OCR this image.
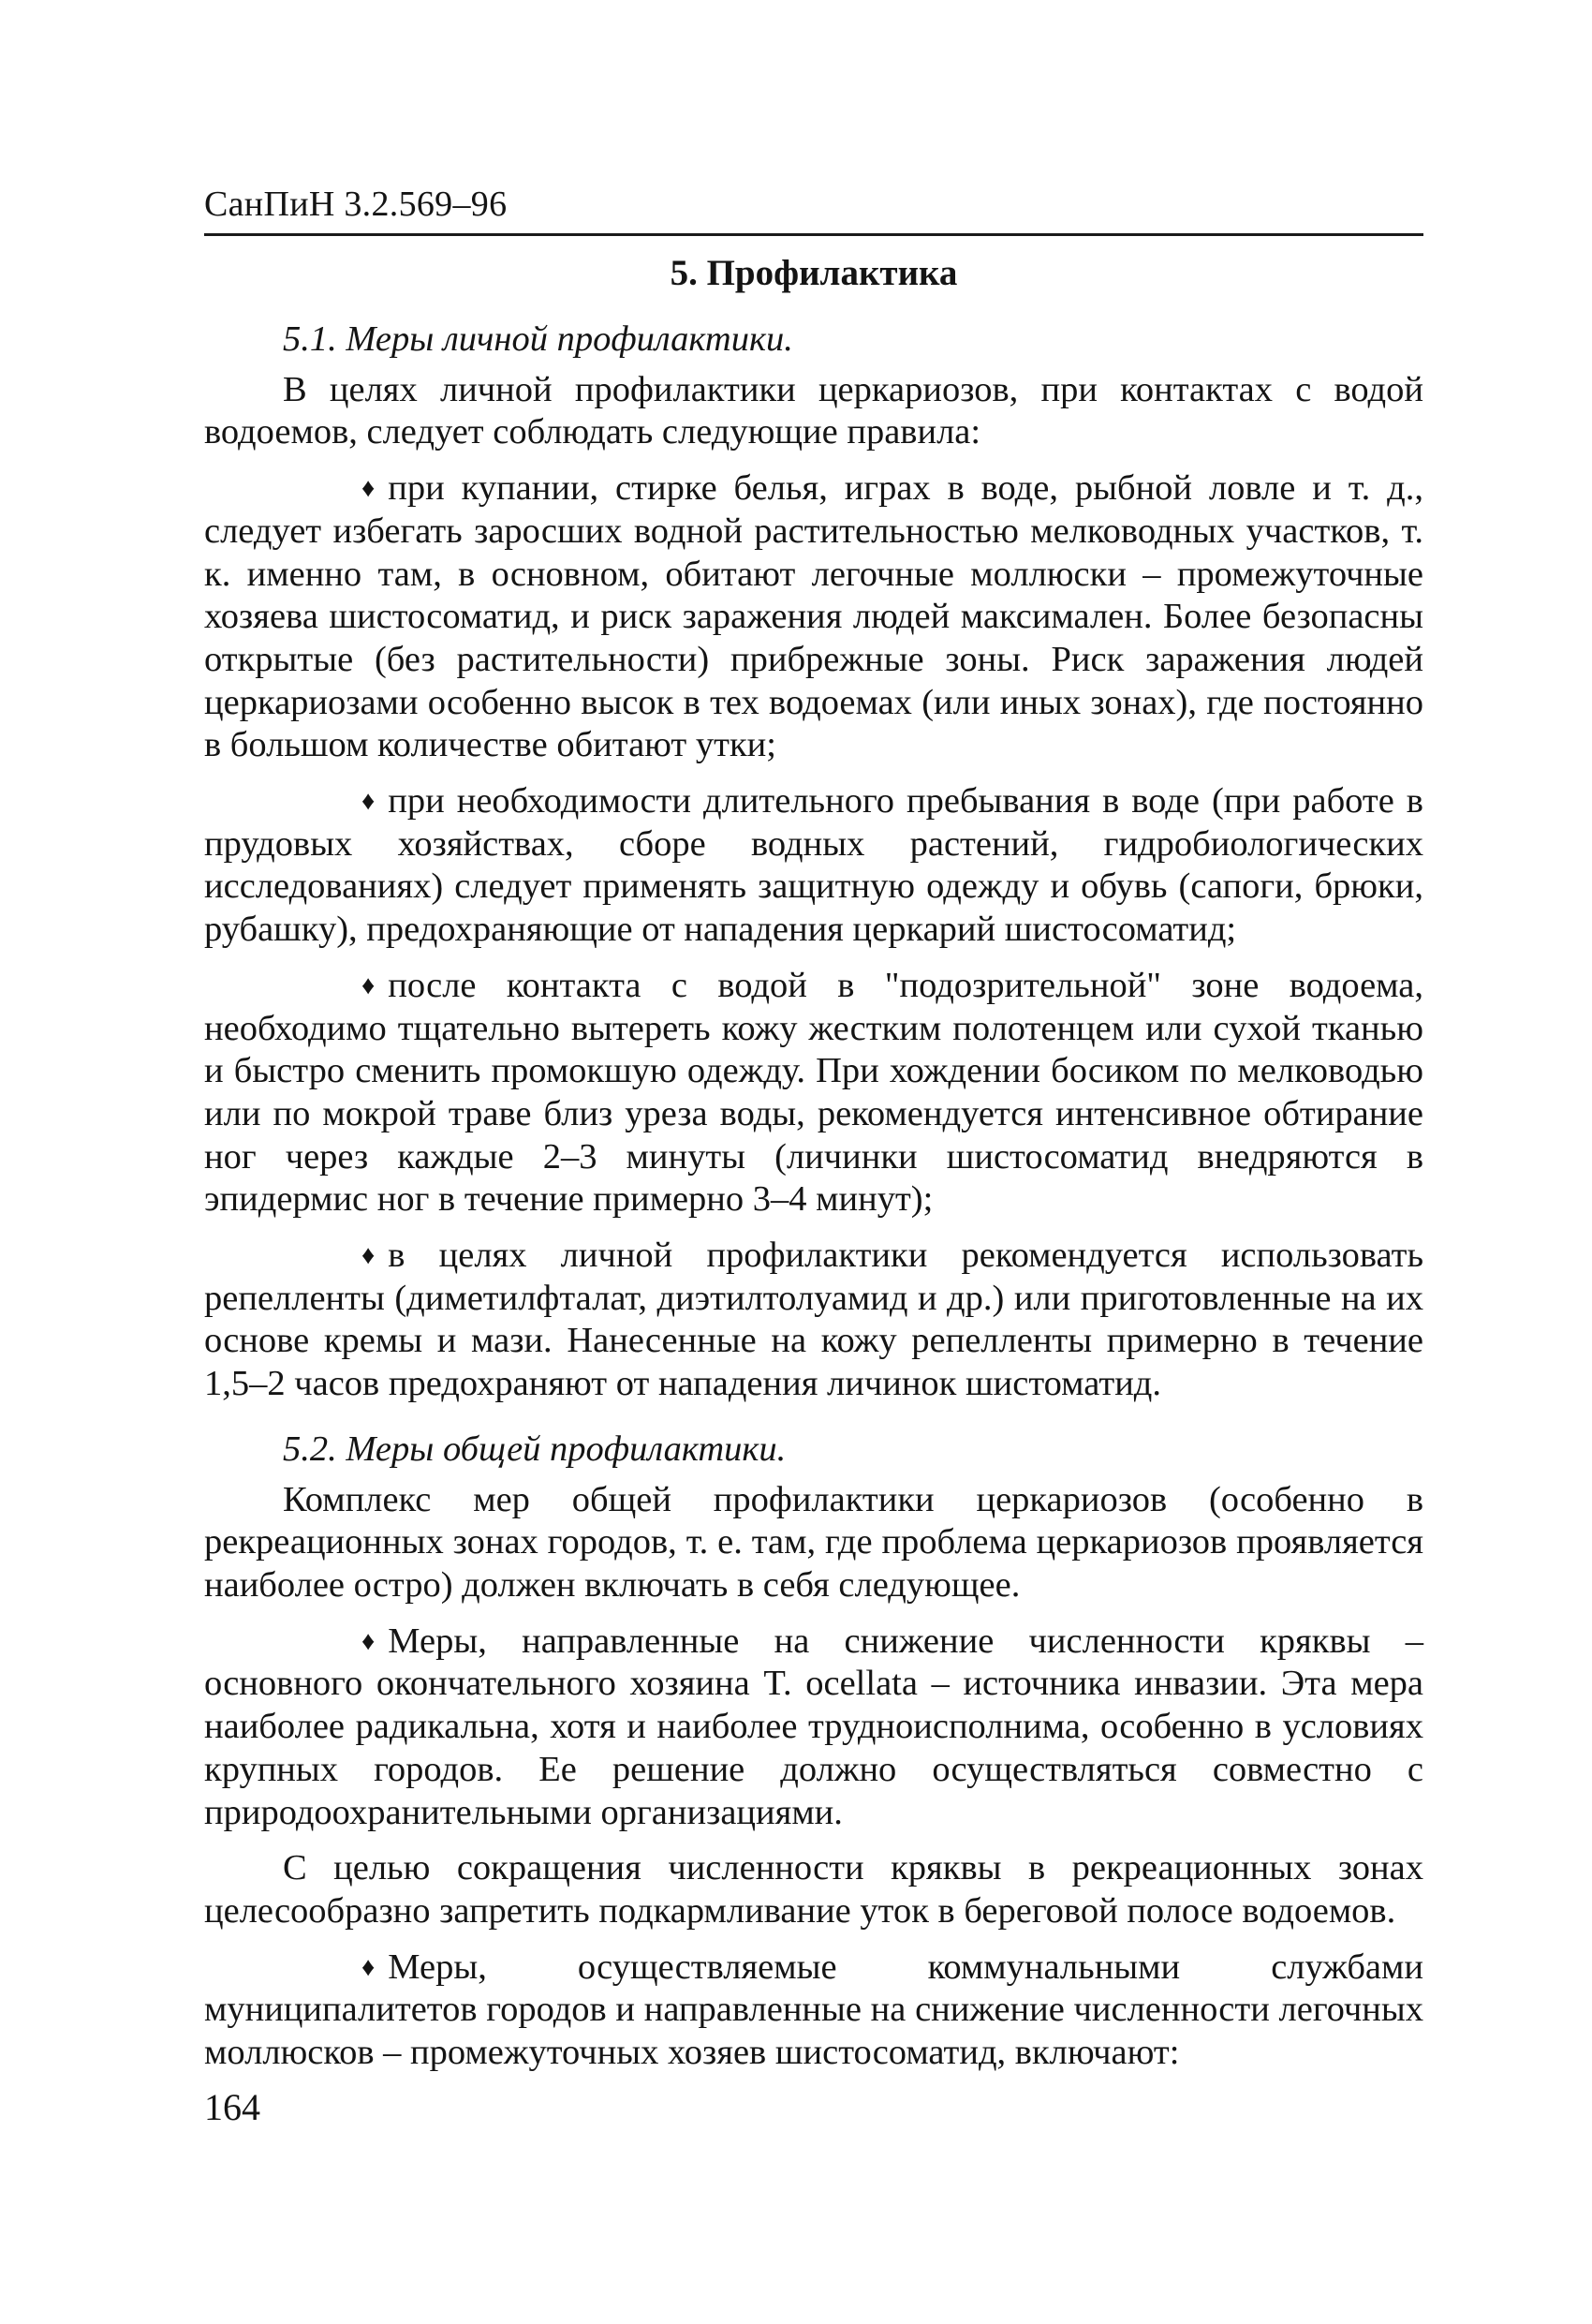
СанПиН 3.2.569–96
5. Профилактика
5.1. Меры личной профилактики.

В целях личной профилактики церкариозов, при контактах с водой водоемов, следует соблюдать следующие правила:

♦ при купании, стирке белья, играх в воде, рыбной ловле и т. д., следует избегать заросших водной растительностью мелководных участков, т. к. именно там, в основном, обитают легочные моллюски – промежуточные хозяева шистосоматид, и риск заражения людей максимален. Более безопасны открытые (без растительности) прибрежные зоны. Риск заражения людей церкариозами особенно высок в тех водоемах (или иных зонах), где постоянно в большом количестве обитают утки;

♦ при необходимости длительного пребывания в воде (при работе в прудовых хозяйствах, сборе водных растений, гидробиологических исследованиях) следует применять защитную одежду и обувь (сапоги, брюки, рубашку), предохраняющие от нападения церкарий шистосоматид;

♦ после контакта с водой в "подозрительной" зоне водоема, необходимо тщательно вытереть кожу жестким полотенцем или сухой тканью и быстро сменить промокшую одежду. При хождении босиком по мелководью или по мокрой траве близ уреза воды, рекомендуется интенсивное обтирание ног через каждые 2–3 минуты (личинки шистосоматид внедряются в эпидермис ног в течение примерно 3–4 минут);

♦ в целях личной профилактики рекомендуется использовать репелленты (диметилфталат, диэтилтолуамид и др.) или приготовленные на их основе кремы и мази. Нанесенные на кожу репелленты примерно в течение 1,5–2 часов предохраняют от нападения личинок шистоматид.

5.2. Меры общей профилактики.

Комплекс мер общей профилактики церкариозов (особенно в рекреационных зонах городов, т. е. там, где проблема церкариозов проявляется наиболее остро) должен включать в себя следующее.

♦ Меры, направленные на снижение численности кряквы – основного окончательного хозяина T. ocellata – источника инвазии. Эта мера наиболее радикальна, хотя и наиболее трудноисполнима, особенно в условиях крупных городов. Ее решение должно осуществляться совместно с природоохранительными организациями.

С целью сокращения численности кряквы в рекреационных зонах целесообразно запретить подкармливание уток в береговой полосе водоемов.

♦ Меры, осуществляемые коммунальными службами муниципалитетов городов и направленные на снижение численности легочных моллюсков – промежуточных хозяев шистосоматид, включают:

164
